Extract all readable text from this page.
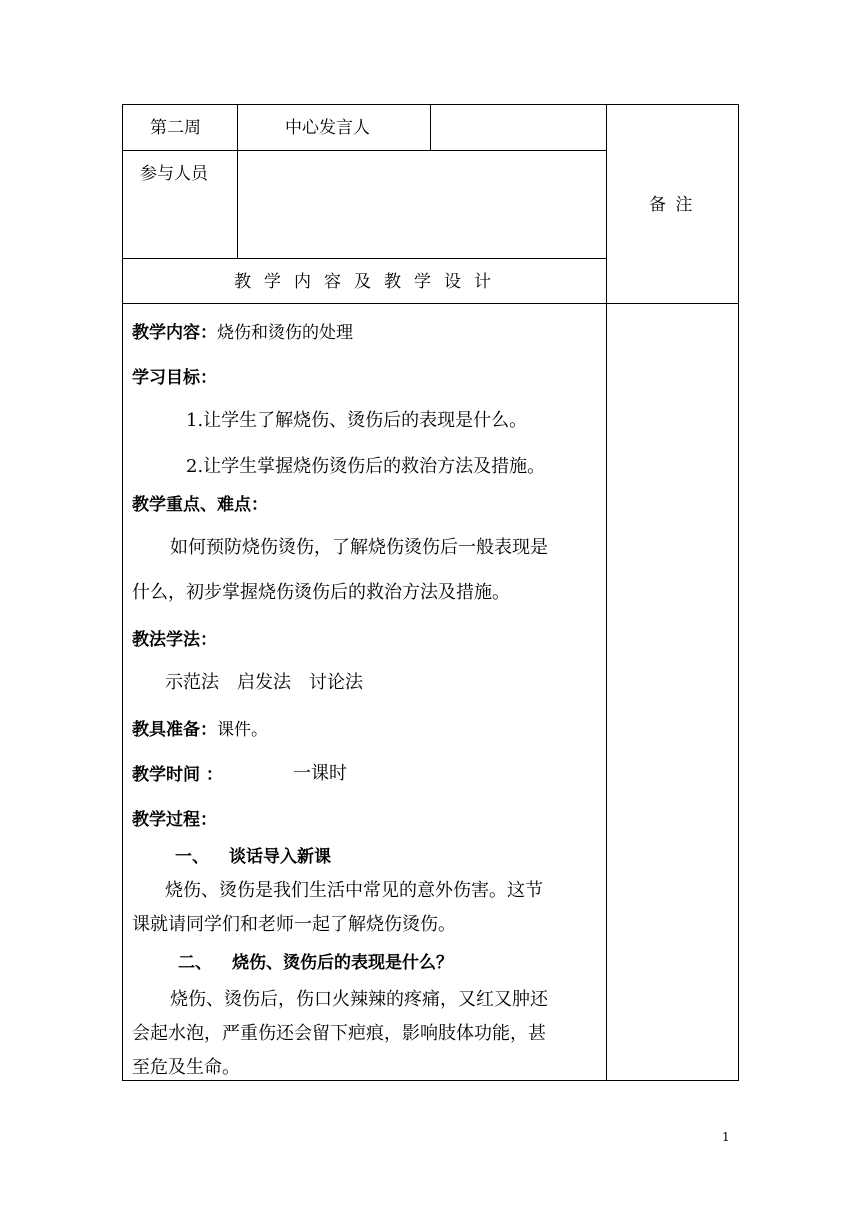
第二周	中心发言人
参与人员
备 注
教学内容及教学设计
教学内容：烧伤和烫伤的处理
学习目标：
1.让学生了解烧伤、烫伤后的表现是什么。
2.让学生掌握烧伤烫伤后的救治方法及措施。
教学重点、难点：
如何预防烧伤烫伤，了解烧伤烫伤后一般表现是
什么，初步掌握烧伤烫伤后的救治方法及措施。
教法学法：
示范法　启发法　讨论法
教具准备：课件。
教学时间 ：	一课时
教学过程：
一、 谈话导入新课
烧伤、烫伤是我们生活中常见的意外伤害。这节
课就请同学们和老师一起了解烧伤烫伤。
二、 烧伤、烫伤后的表现是什么？
烧伤、烫伤后，伤口火辣辣的疼痛，又红又肿还
会起水泡，严重伤还会留下疤痕，影响肢体功能，甚
至危及生命。
1
